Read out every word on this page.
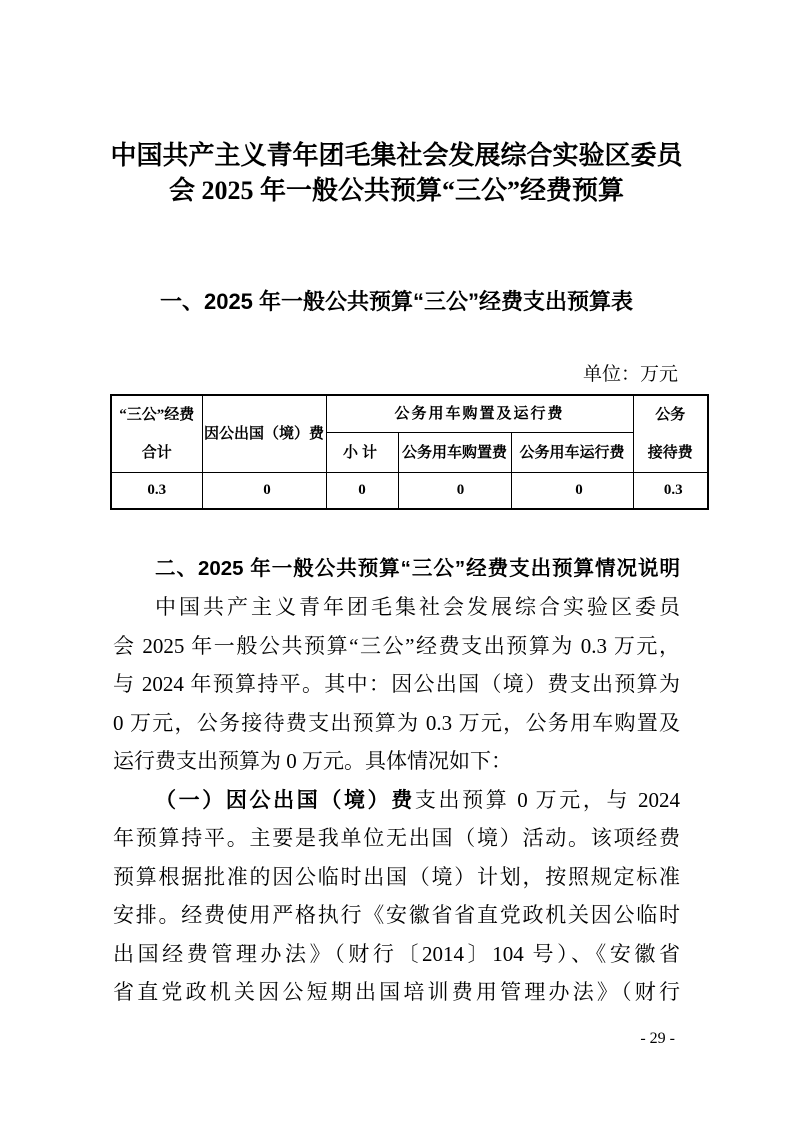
中国共产主义青年团毛集社会发展综合实验区委员
会 2025 年一般公共预算“三公”经费预算
一、2025 年一般公共预算“三公”经费支出预算表
单位：万元
“三公”经费
合计
	因公出国（境）费	公务用车购置及运行费	公务
接待费

		小计	公务用车购置费	公务用车运行费	
0.3	0	0	0	0	0.3
二、2025 年一般公共预算“三公”经费支出预算情况说明
中国共产主义青年团毛集社会发展综合实验区委员
会 2025 年一般公共预算“三公”经费支出预算为 0.3 万元，
与 2024 年预算持平。其中：因公出国（境）费支出预算为
0 万元，公务接待费支出预算为 0.3 万元，公务用车购置及
运行费支出预算为 0 万元。具体情况如下：
（一）因公出国（境）费支出预算 0 万元，与 2024
年预算持平。主要是我单位无出国（境）活动。该项经费
预算根据批准的因公临时出国（境）计划，按照规定标准
安排。经费使用严格执行《安徽省省直党政机关因公临时
出国经费管理办法》（财行〔2014〕104 号）、《安徽省
省直党政机关因公短期出国培训费用管理办法》（财行
- 29 -
